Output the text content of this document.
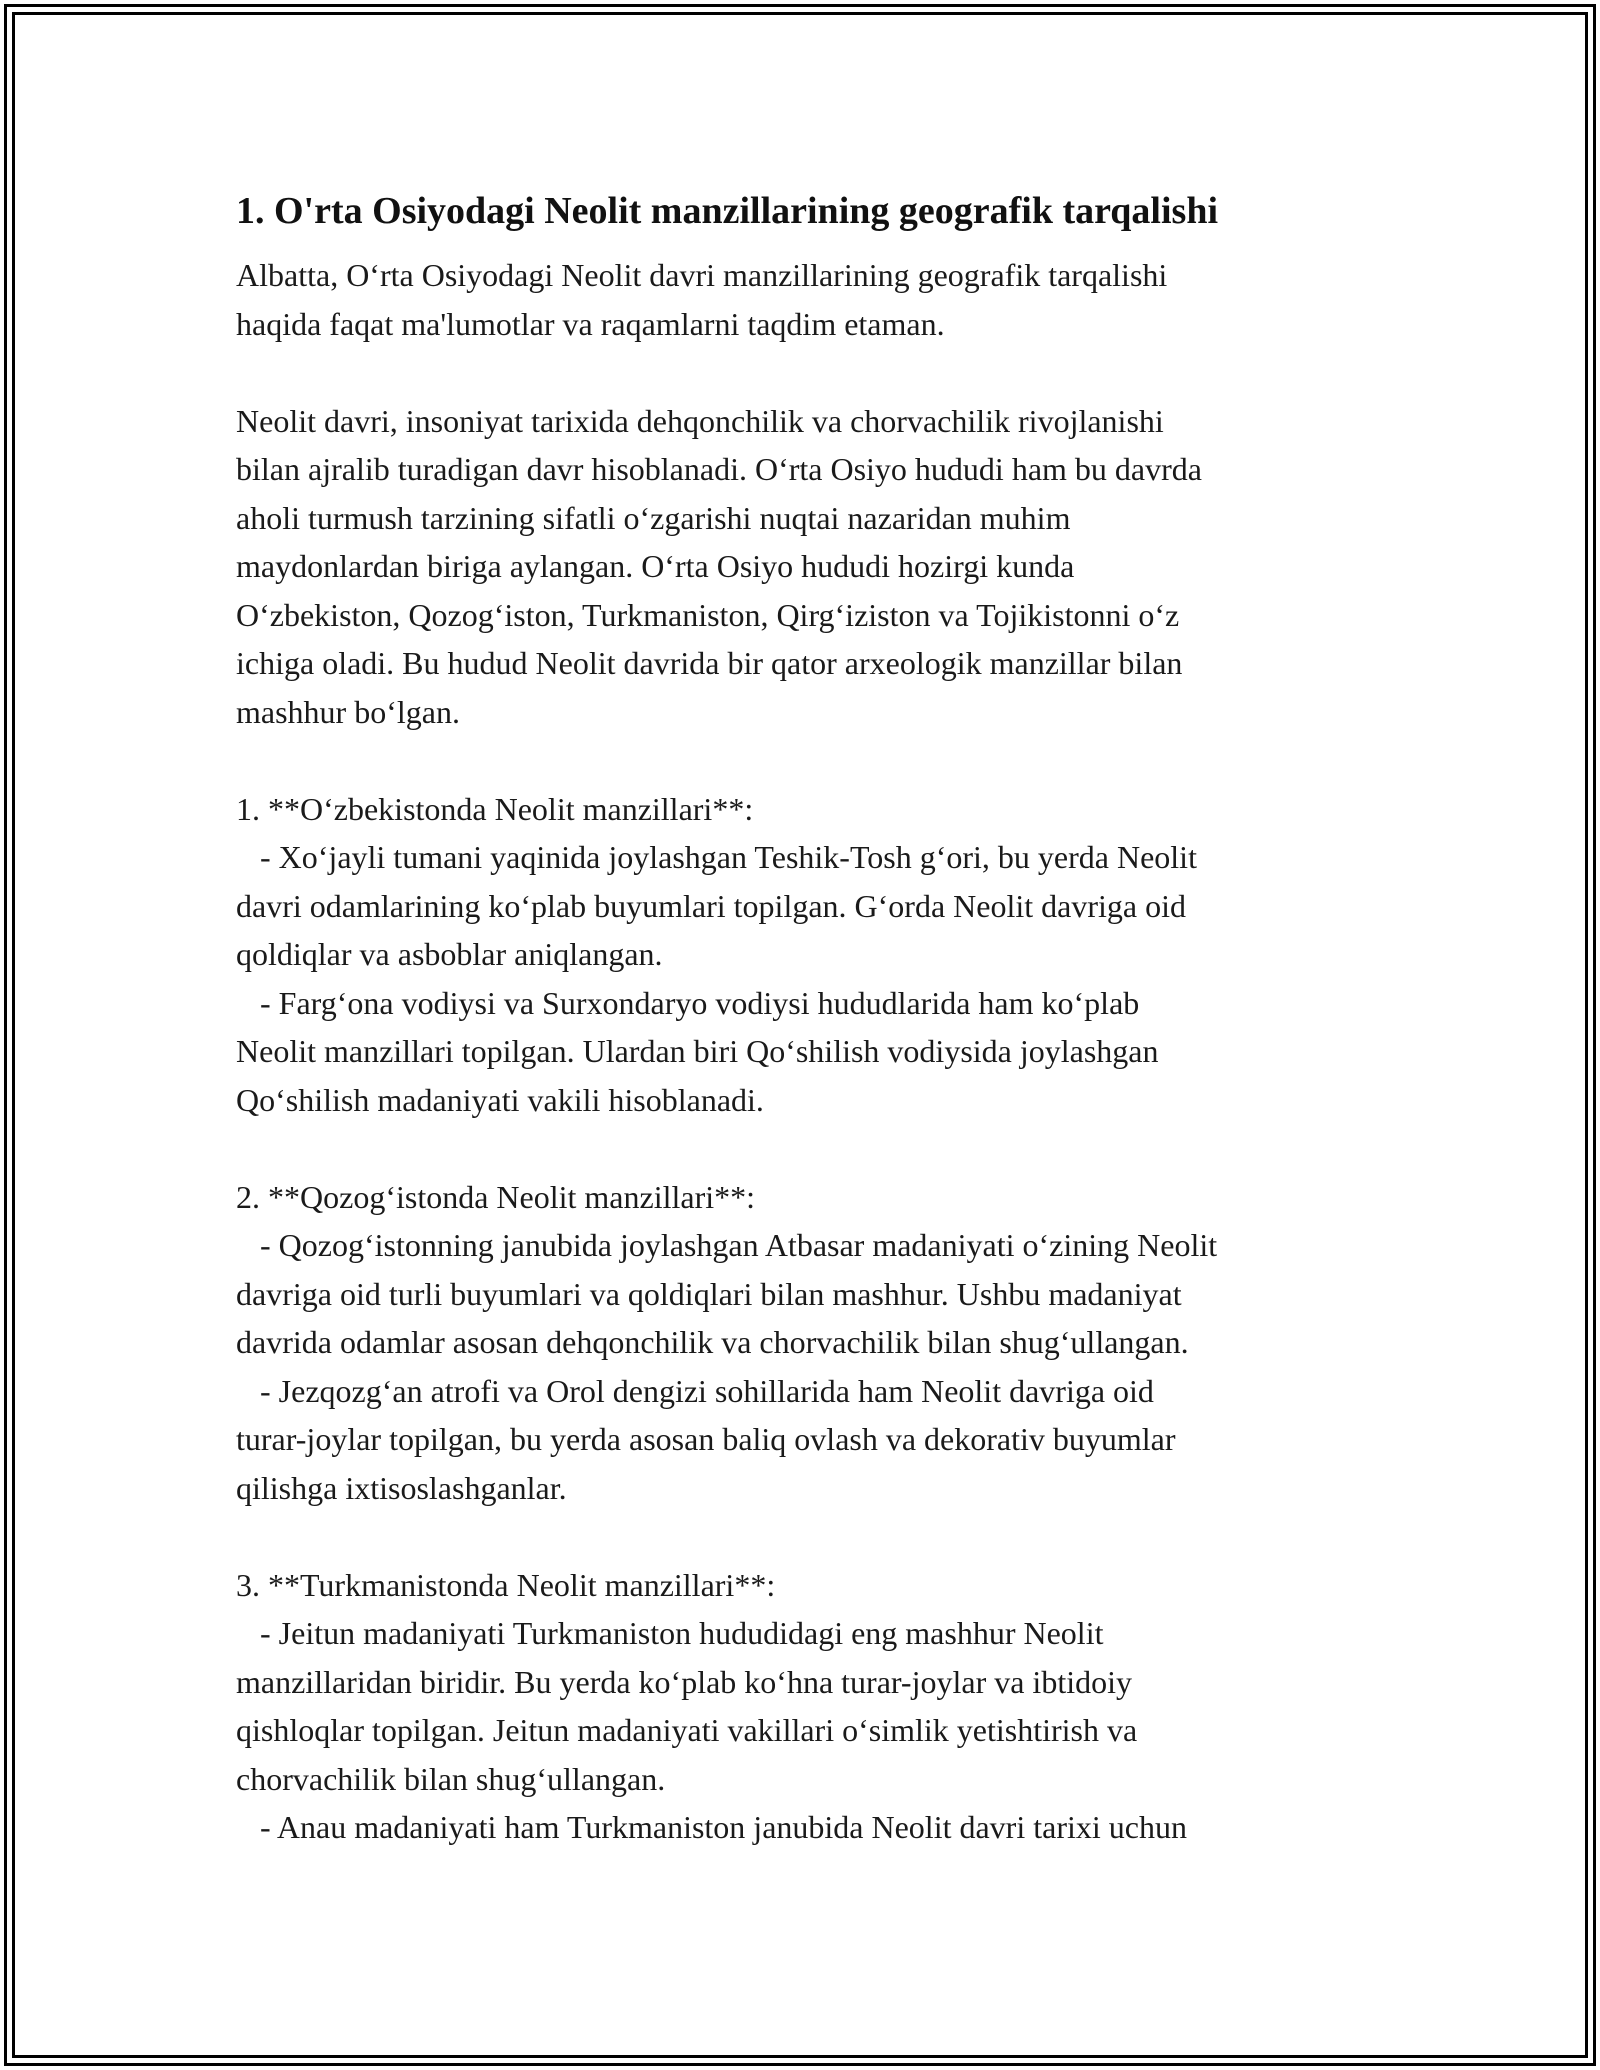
1. O'rta Osiyodagi Neolit manzillarining geografik tarqalishi

Albatta, O‘rta Osiyodagi Neolit davri manzillarining geografik tarqalishi

haqida faqat ma'lumotlar va raqamlarni taqdim etaman.

Neolit davri, insoniyat tarixida dehqonchilik va chorvachilik rivojlanishi

bilan ajralib turadigan davr hisoblanadi. O‘rta Osiyo hududi ham bu davrda

aholi turmush tarzining sifatli o‘zgarishi nuqtai nazaridan muhim

maydonlardan biriga aylangan. O‘rta Osiyo hududi hozirgi kunda

O‘zbekiston, Qozog‘iston, Turkmaniston, Qirg‘iziston va Tojikistonni o‘z

ichiga oladi. Bu hudud Neolit davrida bir qator arxeologik manzillar bilan

mashhur bo‘lgan.

1. **O‘zbekistonda Neolit manzillari**:

- Xo‘jayli tumani yaqinida joylashgan Teshik-Tosh g‘ori, bu yerda Neolit

davri odamlarining ko‘plab buyumlari topilgan. G‘orda Neolit davriga oid

qoldiqlar va asboblar aniqlangan.

- Farg‘ona vodiysi va Surxondaryo vodiysi hududlarida ham ko‘plab

Neolit manzillari topilgan. Ulardan biri Qo‘shilish vodiysida joylashgan

Qo‘shilish madaniyati vakili hisoblanadi.

2. **Qozog‘istonda Neolit manzillari**:

- Qozog‘istonning janubida joylashgan Atbasar madaniyati o‘zining Neolit

davriga oid turli buyumlari va qoldiqlari bilan mashhur. Ushbu madaniyat

davrida odamlar asosan dehqonchilik va chorvachilik bilan shug‘ullangan.

- Jezqozg‘an atrofi va Orol dengizi sohillarida ham Neolit davriga oid

turar-joylar topilgan, bu yerda asosan baliq ovlash va dekorativ buyumlar

qilishga ixtisoslashganlar.

3. **Turkmanistonda Neolit manzillari**:

- Jeitun madaniyati Turkmaniston hududidagi eng mashhur Neolit

manzillaridan biridir. Bu yerda ko‘plab ko‘hna turar-joylar va ibtidoiy

qishloqlar topilgan. Jeitun madaniyati vakillari o‘simlik yetishtirish va

chorvachilik bilan shug‘ullangan.

- Anau madaniyati ham Turkmaniston janubida Neolit davri tarixi uchun
